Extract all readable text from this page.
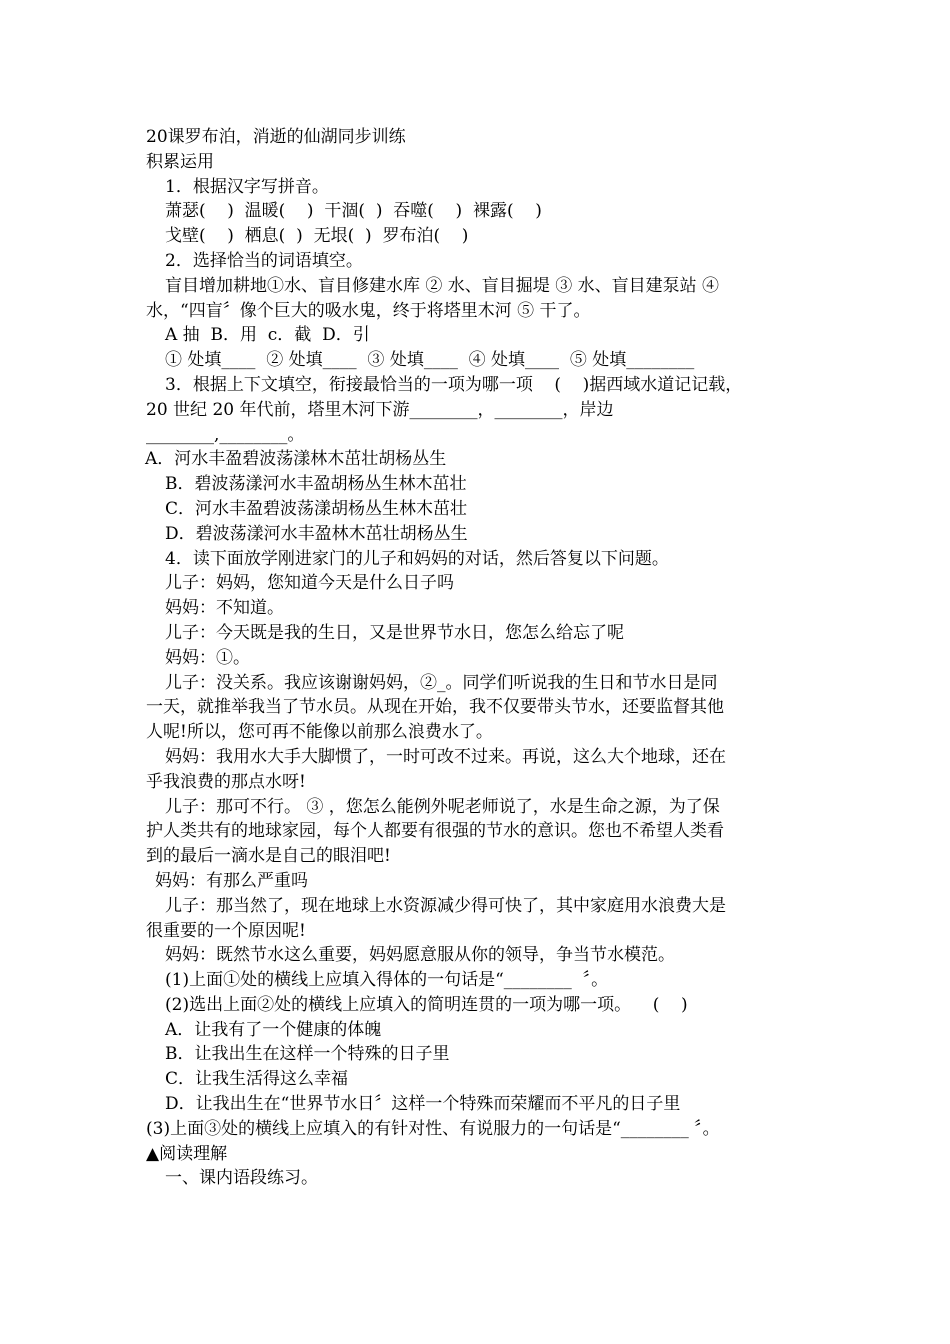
20课罗布泊，消逝的仙湖同步训练
积累运用
1．根据汉字写拼音。
萧瑟(    )  温暖(    )  干涸(  )  吞噬(    )  裸露(    )
戈壁(    )  栖息(  )  无垠(  )  罗布泊(    )
2．选择恰当的词语填空。
盲目增加耕地①水、盲目修建水库 ② 水、盲目掘堤 ③ 水、盲目建泵站 ④
水，“四盲〞像个巨大的吸水鬼，终于将塔里木河 ⑤ 干了。
A 抽  B．用  c．截  D．引
① 处填____  ② 处填____  ③ 处填____  ④ 处填____  ⑤ 处填________
3．根据上下文填空，衔接最恰当的一项为哪一项    (    )据西域水道记记载，
20 世纪 20 年代前，塔里木河下游________，________，岸边
________,________。
A．河水丰盈碧波荡漾林木茁壮胡杨丛生
B．碧波荡漾河水丰盈胡杨丛生林木茁壮
C．河水丰盈碧波荡漾胡杨丛生林木茁壮
D．碧波荡漾河水丰盈林木茁壮胡杨丛生
4．读下面放学刚进家门的儿子和妈妈的对话，然后答复以下问题。
儿子：妈妈，您知道今天是什么日子吗
妈妈：不知道。
儿子：今天既是我的生日，又是世界节水日，您怎么给忘了呢
妈妈：①。
儿子：没关系。我应该谢谢妈妈，②_。同学们听说我的生日和节水日是同
一天，就推举我当了节水员。从现在开始，我不仅要带头节水，还要监督其他
人呢!所以，您可再不能像以前那么浪费水了。
妈妈：我用水大手大脚惯了，一时可改不过来。再说，这么大个地球，还在
乎我浪费的那点水呀!
儿子：那可不行。 ③ ，您怎么能例外呢老师说了，水是生命之源，为了保
护人类共有的地球家园，每个人都要有很强的节水的意识。您也不希望人类看
到的最后一滴水是自己的眼泪吧!
妈妈：有那么严重吗
儿子：那当然了，现在地球上水资源减少得可快了，其中家庭用水浪费大是
很重要的一个原因呢!
妈妈：既然节水这么重要，妈妈愿意服从你的领导，争当节水模范。
(1)上面①处的横线上应填入得体的一句话是“________  〞。
(2)选出上面②处的横线上应填入的简明连贯的一项为哪一项。    (    )
A．让我有了一个健康的体魄
B．让我出生在这样一个特殊的日子里
C．让我生活得这么幸福
D．让我出生在“世界节水日〞这样一个特殊而荣耀而不平凡的日子里
(3)上面③处的横线上应填入的有针对性、有说服力的一句话是“________ 〞。
▲阅读理解
一、课内语段练习。
